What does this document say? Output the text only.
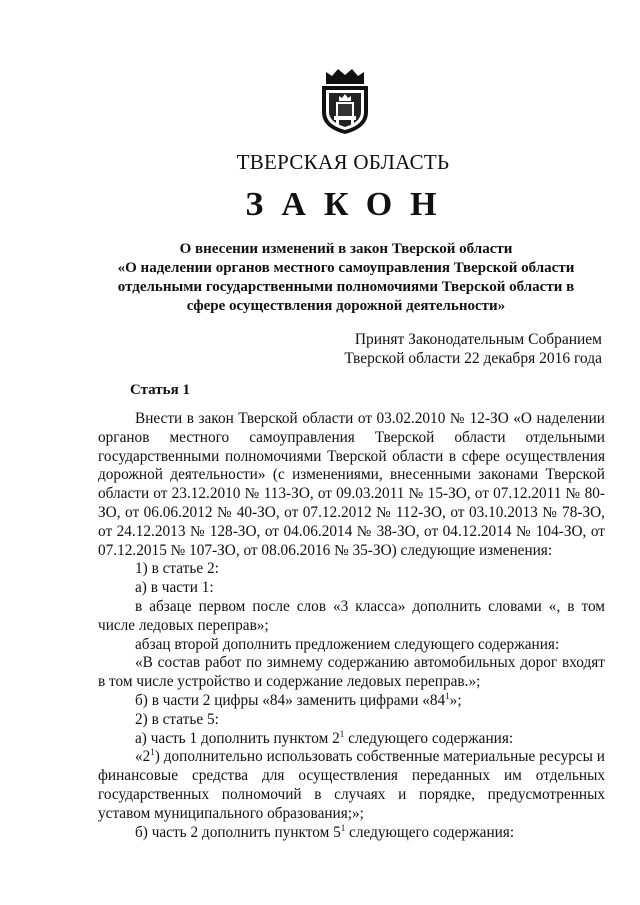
ТВЕРСКАЯ ОБЛАСТЬ
ЗАКОН
О внесении изменений в закон Тверской области
«О наделении органов местного самоуправления Тверской области
отдельными государственными полномочиями Тверской области в
сфере осуществления дорожной деятельности»
Принят Законодательным Собранием
Тверской области 22 декабря 2016 года
Статья 1

Внести в закон Тверской области от 03.02.2010 № 12-ЗО «О наделении органов местного самоуправления Тверской области отдельными государственными полномочиями Тверской области в сфере осуществления дорожной деятельности» (с изменениями, внесенными законами Тверской области от 23.12.2010 № 113-ЗО, от 09.03.2011 № 15-ЗО, от 07.12.2011 № 80-ЗО, от 06.06.2012 № 40-ЗО, от 07.12.2012 № 112-ЗО, от 03.10.2013 № 78-ЗО, от 24.12.2013 № 128-ЗО, от 04.06.2014 № 38-ЗО, от 04.12.2014 № 104-ЗО, от 07.12.2015 № 107-ЗО, от 08.06.2016 № 35-ЗО) следующие изменения:

1) в статье 2:

а) в части 1:

в абзаце первом после слов «3 класса» дополнить словами «, в том числе ледовых переправ»;

абзац второй дополнить предложением следующего содержания:

«В состав работ по зимнему содержанию автомобильных дорог входят в том числе устройство и содержание ледовых переправ.»;

б) в части 2 цифры «84» заменить цифрами «$84^1$»;

2) в статье 5:

а) часть 1 дополнить пунктом $2^1$ следующего содержания:

«$2^1$) дополнительно использовать собственные материальные ресурсы и финансовые средства для осуществления переданных им отдельных государственных полномочий в случаях и порядке, предусмотренных уставом муниципального образования;»;

б) часть 2 дополнить пунктом $5^1$ следующего содержания:
